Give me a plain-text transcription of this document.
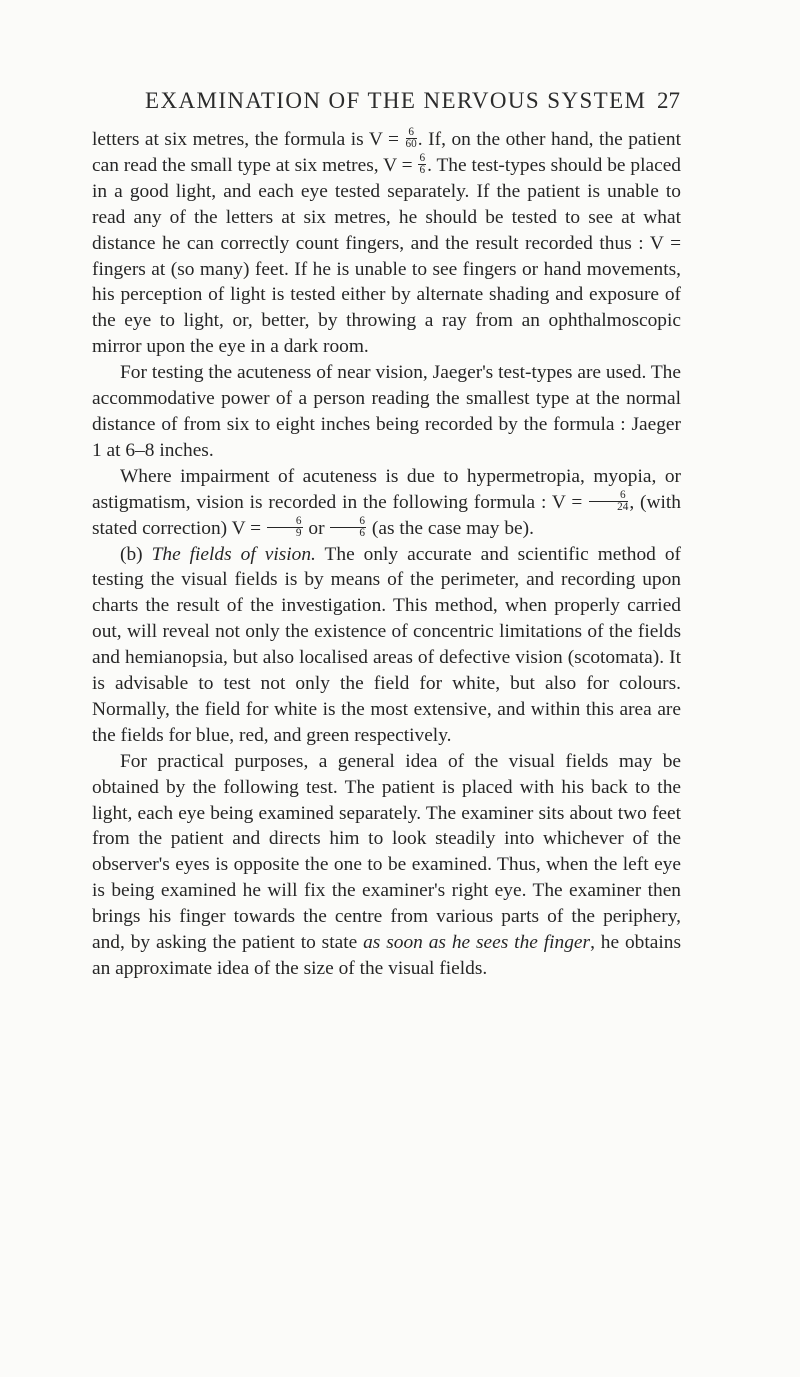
EXAMINATION OF THE NERVOUS SYSTEM 27

letters at six metres, the formula is $V = \frac{6}{60}$ . If, on the other hand, the patient can read the small type at six metres, $V = \frac{6}{6}$ . The test-types should be placed in a good light, and each eye tested separately. If the patient is unable to read any of the letters at six metres, he should be tested to see at what distance he can correctly count fingers, and the result recorded thus : V = fingers at (so many) feet. If he is unable to see fingers or hand movements, his perception of light is tested either by alternate shading and exposure of the eye to light, or, better, by throwing a ray from an ophthalmoscopic mirror upon the eye in a dark room.

For testing the acuteness of near vision, Jaeger's test-types are used. The accommodative power of a person reading the smallest type at the normal distance of from six to eight inches being recorded by the formula : Jaeger 1 at 6–8 inches.

Where impairment of acuteness is due to hypermetropia, myopia, or astigmatism, vision is recorded in the following formula : $V = \frac{6}{24}$ , (with stated correction) $V = \frac{6}{9}$ or $\frac{6}{6} (as$ the case may be).

(b) The fields of vision. The only accurate and scientific method of testing the visual fields is by means of the perimeter, and recording upon charts the result of the investigation. This method, when properly carried out, will reveal not only the existence of concentric limitations of the fields and hemianopsia, but also localised areas of defective vision (scotomata). It is advisable to test not only the field for white, but also for colours. Normally, the field for white is the most extensive, and within this area are the fields for blue, red, and green respectively.

For practical purposes, a general idea of the visual fields may be obtained by the following test. The patient is placed with his back to the light, each eye being examined separately. The examiner sits about two feet from the patient and directs him to look steadily into whichever of the observer's eyes is opposite the one to be examined. Thus, when the left eye is being examined he will fix the examiner's right eye. The examiner then brings his finger towards the centre from various parts of the periphery, and, by asking the patient to state as soon as he sees the finger, he obtains an approximate idea of the size of the visual fields.
